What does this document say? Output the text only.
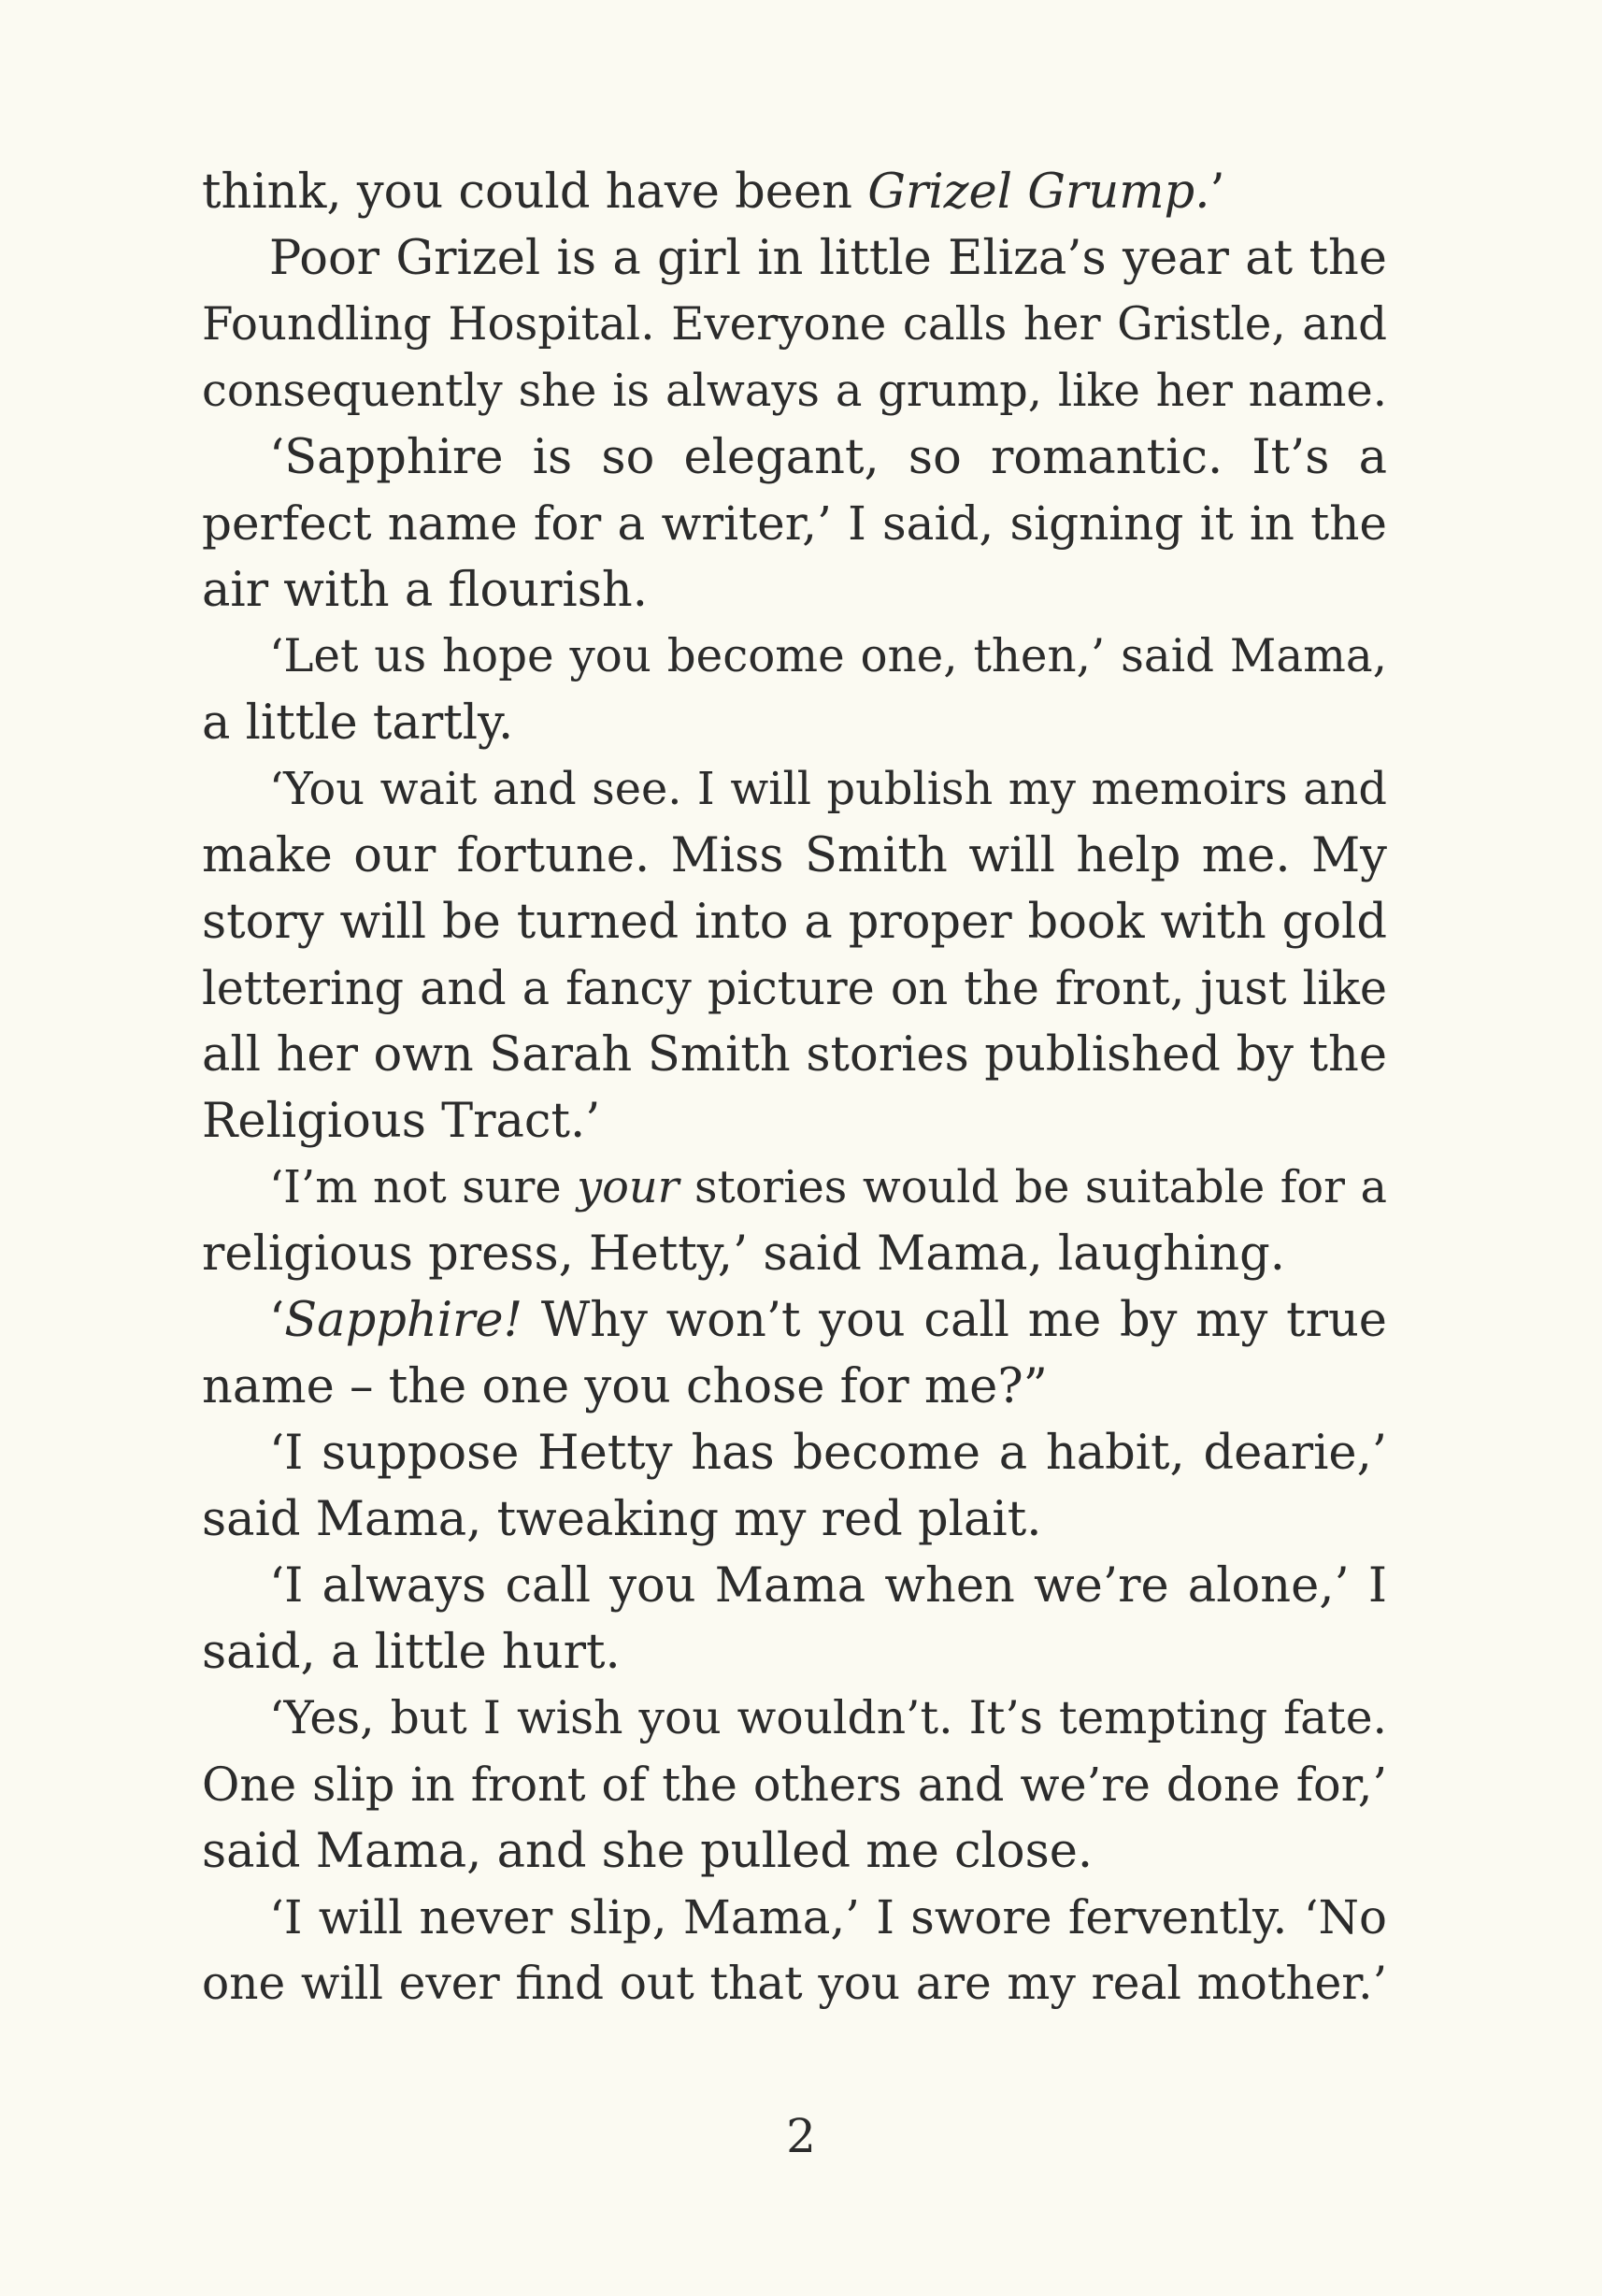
think, you could have been Grizel Grump.’
Poor Grizel is a girl in little Eliza’s year at the
Foundling Hospital. Everyone calls her Gristle, and
consequently she is always a grump, like her name.
‘Sapphire is so elegant, so romantic. It’s a
perfect name for a writer,’ I said, signing it in the
air with a flourish.
‘Let us hope you become one, then,’ said Mama,
a little tartly.
‘You wait and see. I will publish my memoirs and
make our fortune. Miss Smith will help me. My
story will be turned into a proper book with gold
lettering and a fancy picture on the front, just like
all her own Sarah Smith stories published by the
Religious Tract.’
‘I’m not sure your stories would be suitable for a
religious press, Hetty,’ said Mama, laughing.
‘Sapphire! Why won’t you call me by my true
name – the one you chose for me?”
‘I suppose Hetty has become a habit, dearie,’
said Mama, tweaking my red plait.
‘I always call you Mama when we’re alone,’ I
said, a little hurt.
‘Yes, but I wish you wouldn’t. It’s tempting fate.
One slip in front of the others and we’re done for,’
said Mama, and she pulled me close.
‘I will never slip, Mama,’ I swore fervently. ‘No
one will ever find out that you are my real mother.’
2
